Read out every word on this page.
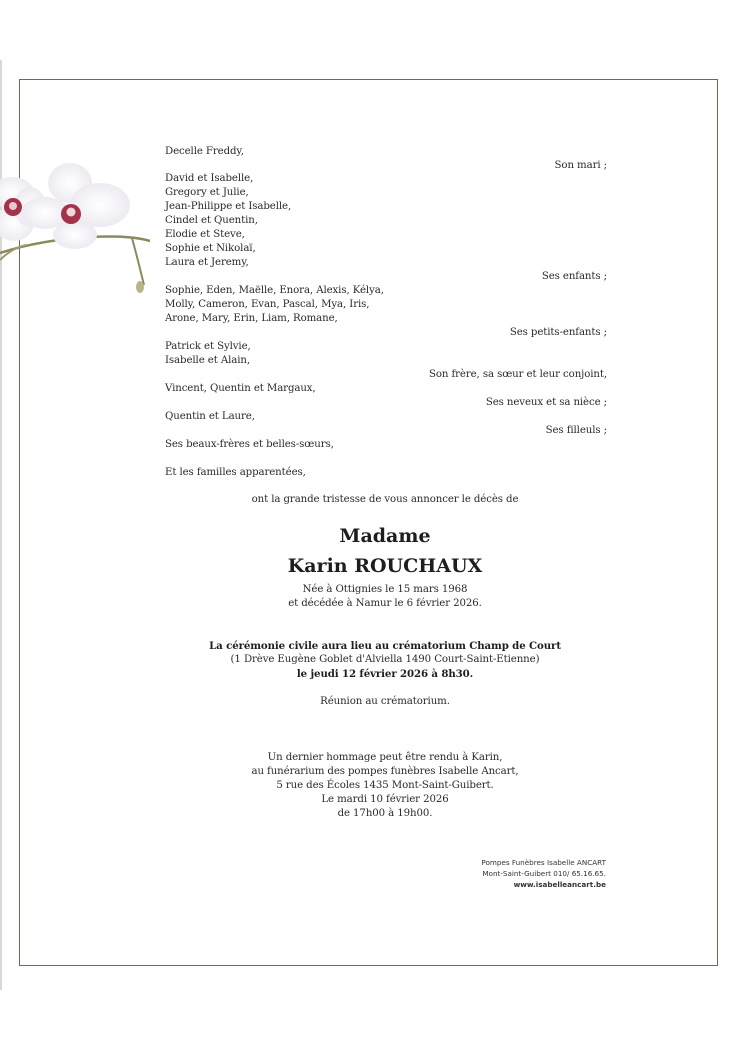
Decelle Freddy,
Son mari ;
David et Isabelle,
Gregory et Julie,
Jean-Philippe et Isabelle,
Cindel et Quentin,
Elodie et Steve,
Sophie et Nikolaï,
Laura et Jeremy,
Ses enfants ;
Sophie, Eden, Maëlle, Enora, Alexis, Kélya,
Molly, Cameron, Evan, Pascal, Mya, Iris,
Arone, Mary, Erin, Liam, Romane,
Ses petits-enfants ;
Patrick et Sylvie,
Isabelle et Alain,
Son frère, sa sœur et leur conjoint,
Vincent, Quentin et Margaux,
Ses neveux et sa nièce ;
Quentin et Laure,
Ses filleuls ;
Ses beaux-frères et belles-sœurs,
Et les familles apparentées,
ont la grande tristesse de vous annoncer le décès de
Madame
Karin ROUCHAUX
Née à Ottignies le 15 mars 1968
et décédée à Namur le 6 février 2026.
La cérémonie civile aura lieu au crématorium Champ de Court
(1 Drève Eugène Goblet d'Alviella 1490 Court-Saint-Etienne)
le jeudi 12 février 2026 à 8h30.
Réunion au crématorium.
Un dernier hommage peut être rendu à Karin,
au funérarium des pompes funèbres Isabelle Ancart,
5 rue des Écoles 1435 Mont-Saint-Guibert.
Le mardi 10 février 2026
de 17h00 à 19h00.
Pompes Funèbres Isabelle ANCART
Mont-Saint-Guibert 010/ 65.16.65.
www.isabelleancart.be
